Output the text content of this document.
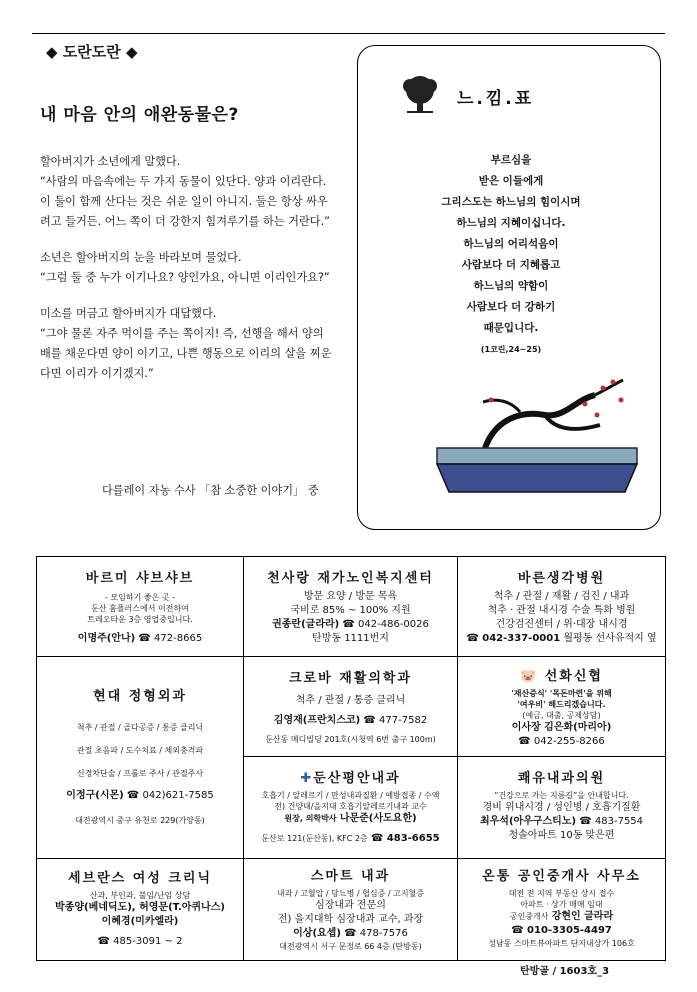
◆ 도란도란 ◆
내 마음 안의 애완동물은?

할아버지가 소년에게 말했다.
“사람의 마음속에는 두 가지 동물이 있단다. 양과 이리란다. 이 둘이 함께 산다는 것은 쉬운 일이 아니지. 둘은 항상 싸우려고 들거든. 어느 쪽이 더 강한지 힘겨루기를 하는 거란다.”

소년은 할아버지의 눈을 바라보며 물었다.
“그럼 둘 중 누가 이기나요? 양인가요, 아니면 이리인가요?”

미소를 머금고 할아버지가 대답했다.
“그야 물론 자주 먹이를 주는 쪽이지! 즉, 선행을 해서 양의 배를 채운다면 양이 이기고, 나쁜 행동으로 이리의 살을 찌운다면 이리가 이기겠지.”

다를레이 자농 수사 「참 소중한 이야기」 중
느.낌.표
부르심을
받은 이들에게
그리스도는 하느님의 힘이시며
하느님의 지혜이십니다.
하느님의 어리석음이
사람보다 더 지혜롭고
하느님의 약함이
사람보다 더 강하기
때문입니다.
(1코린,24~25)
바르미 샤브샤브
- 모임하기 좋은 곳 -
둔산 홈플러스에서 이전하여
트레오타운 3층 영업중입니다.
이명주(안나) ☎ 472-8665
천사랑 재가노인복지센터
방문 요양 / 방문 목욕
국비로 85% ~ 100% 지원
권종란(글라라) ☎ 042-486-0026
탄방동 1111번지
바른생각병원
척추 / 관절 / 재활 / 검진 / 내과
척추 · 관절 내시경 수술 특화 병원
건강검진센터 / 위·대장 내시경
☎ 042-337-0001 월평동 선사유적지 옆
현대 정형외과
척추 / 관절 / 골다공증 / 통증 클리닉
관절 초음파 / 도수치료 / 체외충격파
신경차단술 / 프롤로 주사 / 관절주사
이정구(시몬) ☎ 042)621-7585
대전광역시 중구 유천로 229(가양동)
크로바 재활의학과
척추 / 관절 / 통증 클리닉
김영재(프란치스코) ☎ 477-7582
둔산동 메디빌딩 201호(시청역 6번 출구 100m)
🐷 선화신협
'재산증식' '목돈마련'을 위해
'여우비' 해드리겠습니다.
(예금, 대출, 공제상담)
이사장 김은화(마리아)
☎ 042-255-8266
✚둔산평안내과
호흡기 / 알레르기 / 만성내과질환 / 예방접종 / 수액
전) 건양대/을지대 호흡기알레르기내과 교수
원장, 의학박사 나문준(사도요한)
둔산로 121(둔산동), KFC 2층 ☎ 483-6655
쾌유내과의원
“건강으로 가는 지름길”을 안내합니다.
경비 위내시경 / 성인병 / 호흡기질환
최우석(아우구스티노) ☎ 483-7554
청솔아파트 10동 맞은편
세브란스 여성 크리닉
산과, 부인과, 불임/난임 상담
박종양(베네딕도), 허영문(T.아퀴나스)
이혜경(미카엘라)
☎ 485-3091 ~ 2
스마트 내과
내과 / 고혈압 / 당뇨병 / 협심증 / 고지혈증
심장내과 전문의
전) 을지대학 심장내과 교수, 과장
이상(요셉) ☎ 478-7576
대전광역시 서구 문정로 66 4층 (탄방동)
온통 공인중개사 사무소
대전 전 지역 부동산 상시 접수
아파트 · 상가 매매 임대
공인중개사 강현인 글라라
☎ 010-3305-4497
성남동 스마트뷰아파트 단지내상가 106호
탄방골 / 1603호_3
